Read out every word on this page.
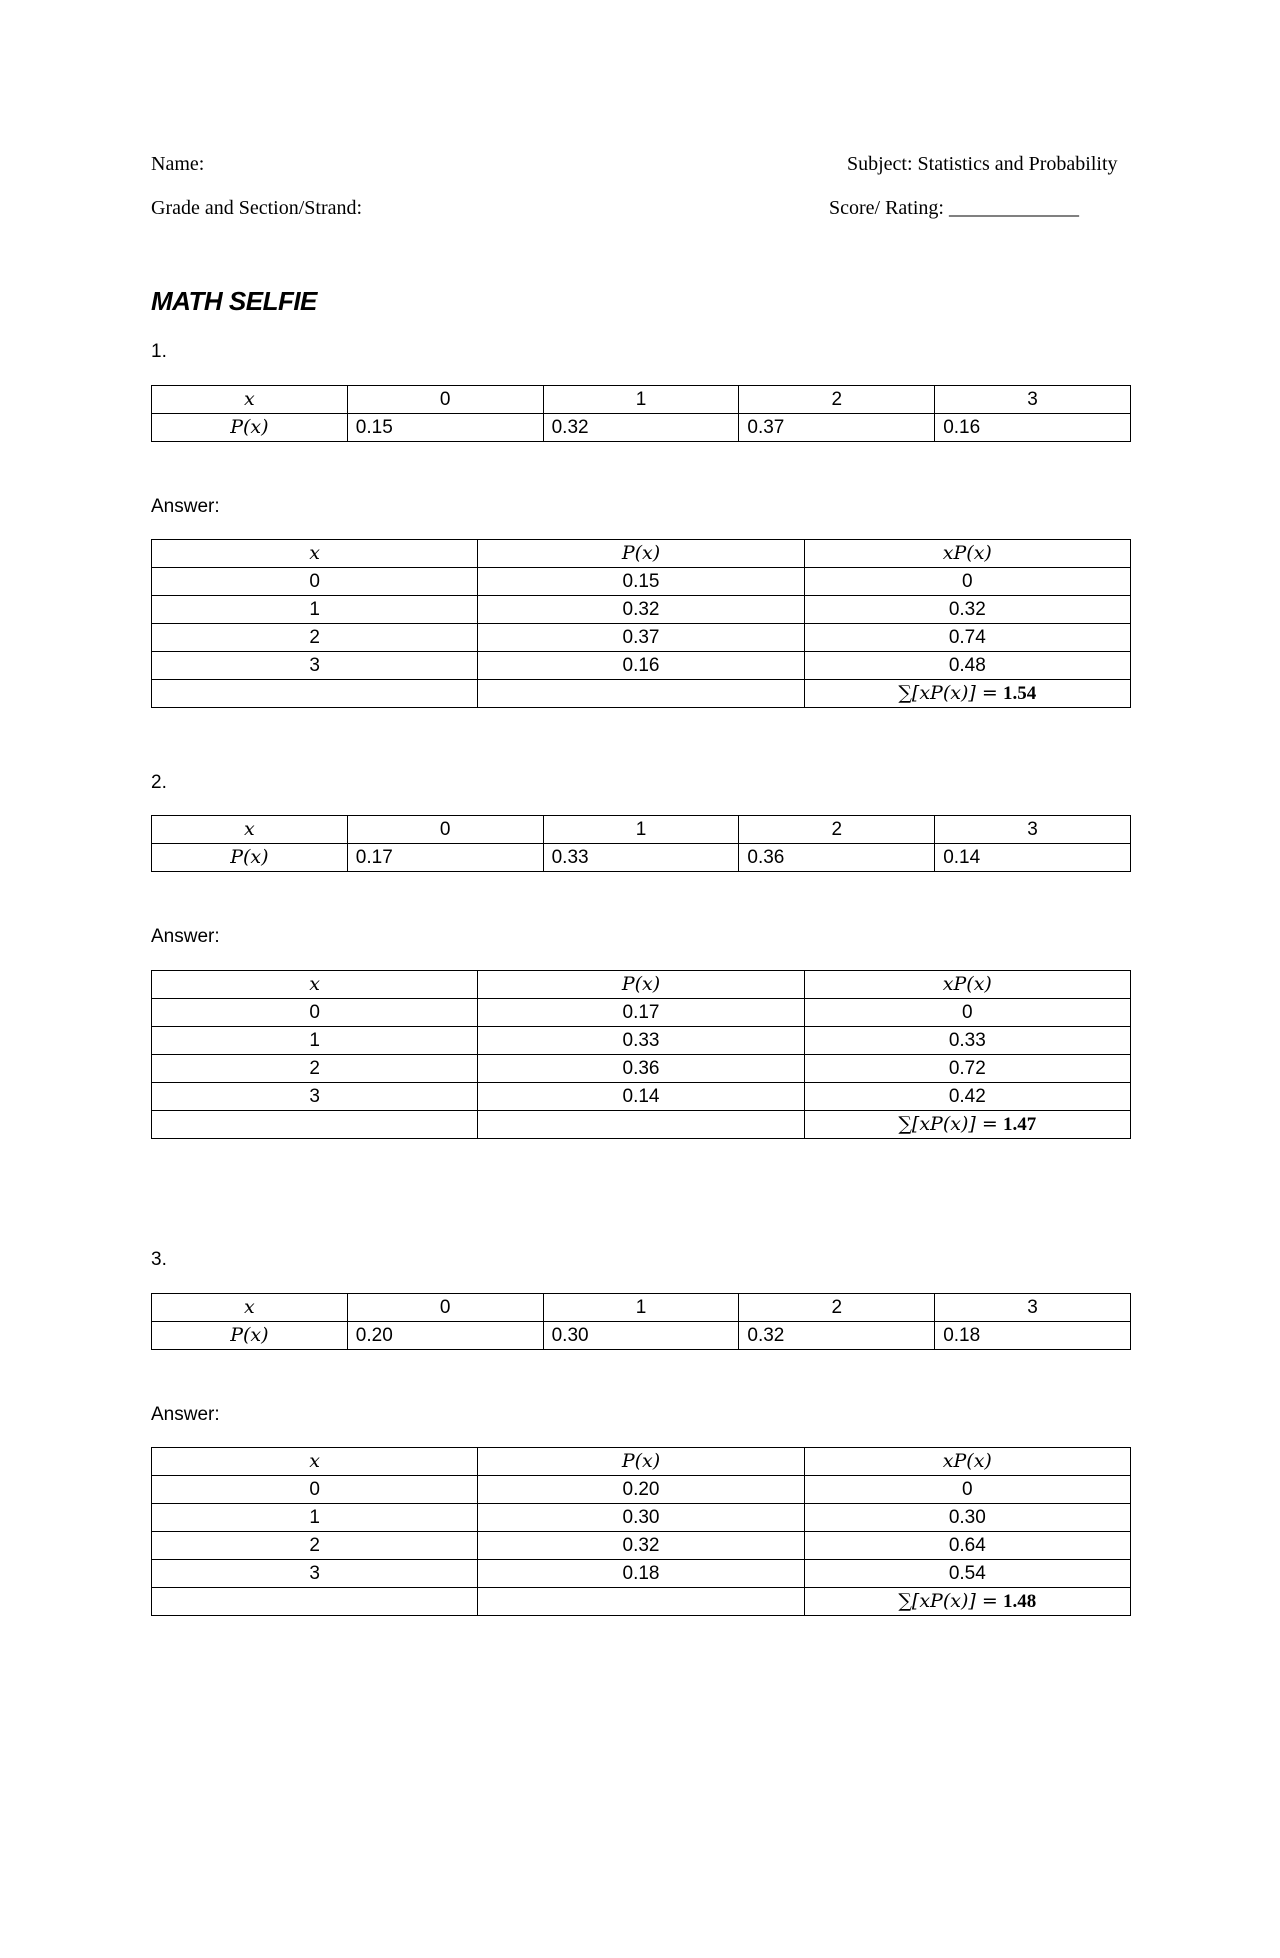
Name:
Grade and Section/Strand:
Subject: Statistics and Probability
Score/ Rating: _____________
MATH SELFIE
1.
x	0	1	2	3
P(x)	0.15	0.32	0.37	0.16
Answer:
x	P(x)	xP(x)
0	0.15	0
1	0.32	0.32
2	0.37	0.74
3	0.16	0.48
		∑[xP(x)] = 1.54
2.
x	0	1	2	3
P(x)	0.17	0.33	0.36	0.14
Answer:
x	P(x)	xP(x)
0	0.17	0
1	0.33	0.33
2	0.36	0.72
3	0.14	0.42
		∑[xP(x)] = 1.47
3.
x	0	1	2	3
P(x)	0.20	0.30	0.32	0.18
Answer:
x	P(x)	xP(x)
0	0.20	0
1	0.30	0.30
2	0.32	0.64
3	0.18	0.54
		∑[xP(x)] = 1.48
